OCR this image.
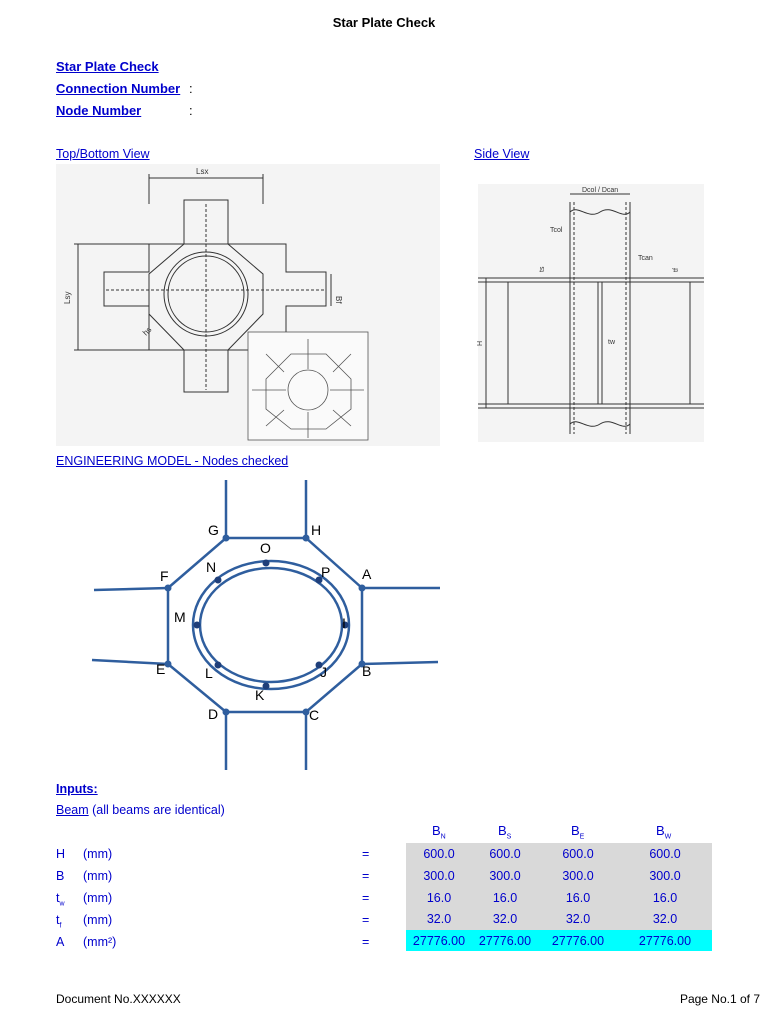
Star Plate Check
Star Plate Check
Connection Number :
Node Number	:
Top/Bottom View	Side View
Lsx
Lsy	Bf
hs
Dcol / Dcan
Tcol
Tcan
ts	tf
tw
H
ENGINEERING MODEL - Nodes checked
A
B
C
D
E
F
G	H
I
J
K
L
M
N
O
P
Inputs:
Beam (all beams are identical)
$B_N$	$B_S$	$B_E$	$B_W$
H (mm)	=	600.0	600.0	600.0	600.0
B (mm)	=	300.0	300.0	300.0	300.0
$t_w$ (mm)	=	16.0	16.0	16.0	16.0
$t_f$ (mm)	=	32.0	32.0	32.0	32.0
A (mm²)	=	27776.00	27776.00	27776.00	27776.00
Document No.XXXXXX	Page No.1 of 7
